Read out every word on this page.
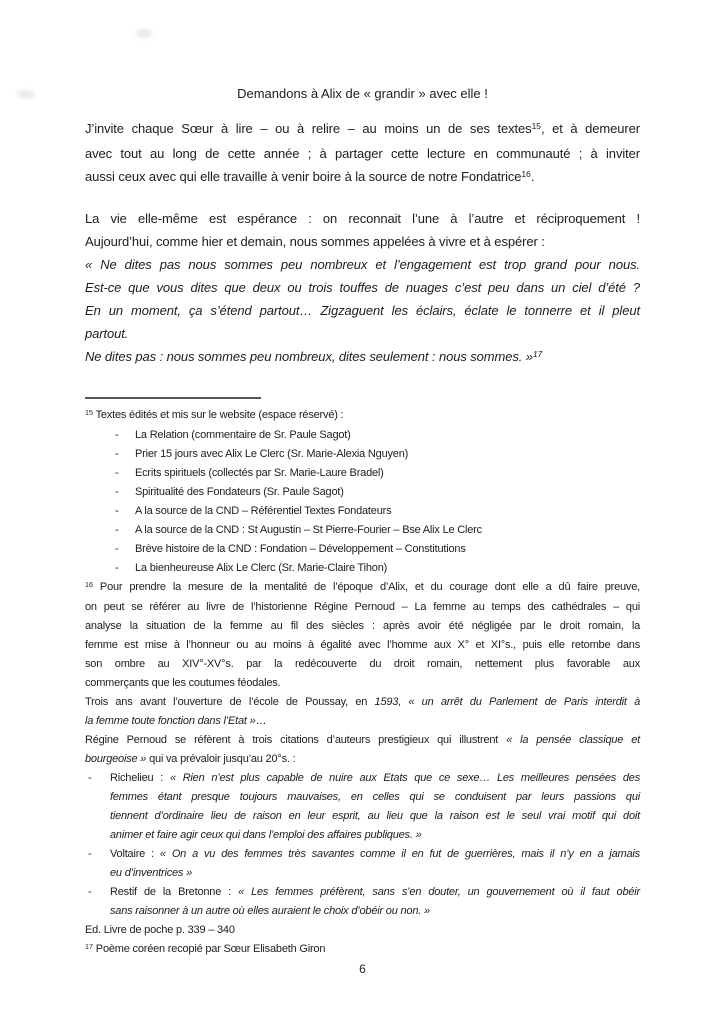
Demandons à Alix de « grandir » avec elle !
J’invite chaque Sœur à lire – ou à relire – au moins un de ses textes$^{15}$, et à demeurer
avec tout au long de cette année ; à partager cette lecture en communauté ; à inviter
aussi ceux avec qui elle travaille à venir boire à la source de notre Fondatrice$^{16}$.
La vie elle-même est espérance : on reconnait l’une à l’autre et réciproquement !
Aujourd’hui, comme hier et demain, nous sommes appelées à vivre et à espérer :
« Ne dites pas nous sommes peu nombreux et l’engagement est trop grand pour nous.
Est-ce que vous dites que deux ou trois touffes de nuages c’est peu dans un ciel d’été ?
En un moment, ça s’étend partout… Zigzaguent les éclairs, éclate le tonnerre et il pleut
partout.
Ne dites pas : nous sommes peu nombreux, dites seulement : nous sommes. »$^{17}$
$^{15}$ Textes édités et mis sur le website (espace réservé) :
- La Relation (commentaire de Sr. Paule Sagot)
- Prier 15 jours avec Alix Le Clerc (Sr. Marie-Alexia Nguyen)
- Ecrits spirituels (collectés par Sr. Marie-Laure Bradel)
- Spiritualité des Fondateurs (Sr. Paule Sagot)
- A la source de la CND – Référentiel Textes Fondateurs
- A la source de la CND : St Augustin – St Pierre-Fourier – Bse Alix Le Clerc
- Brève histoire de la CND : Fondation – Développement – Constitutions
- La bienheureuse Alix Le Clerc (Sr. Marie-Claire Tihon)
$^{16}$ Pour prendre la mesure de la mentalité de l’époque d’Alix, et du courage dont elle a dû faire preuve,
on peut se référer au livre de l’historienne Régine Pernoud – La femme au temps des cathédrales – qui
analyse la situation de la femme au fil des siècles : après avoir été négligée par le droit romain, la
femme est mise à l’honneur ou au moins à égalité avec l’homme aux X° et XI°s., puis elle retombe dans
son ombre au XIV°-XV°s. par la redécouverte du droit romain, nettement plus favorable aux
commerçants que les coutumes féodales.
Trois ans avant l’ouverture de l’école de Poussay, en 1593, « un arrêt du Parlement de Paris interdit à
la femme toute fonction dans l’Etat »…
Régine Pernoud se réfèrent à trois citations d’auteurs prestigieux qui illustrent « la pensée classique et
bourgeoise » qui va prévaloir jusqu’au 20°s. :
- Richelieu : « Rien n’est plus capable de nuire aux Etats que ce sexe… Les meilleures pensées des
femmes étant presque toujours mauvaises, en celles qui se conduisent par leurs passions qui
tiennent d’ordinaire lieu de raison en leur esprit, au lieu que la raison est le seul vrai motif qui doit
animer et faire agir ceux qui dans l’emploi des affaires publiques. »
- Voltaire : « On a vu des femmes très savantes comme il en fut de guerrières, mais il n’y en a jamais
eu d’inventrices »
- Restif de la Bretonne : « Les femmes préfèrent, sans s’en douter, un gouvernement où il faut obéir
sans raisonner à un autre où elles auraient le choix d’obéir ou non. »
Ed. Livre de poche p. 339 – 340
$^{17}$ Poème coréen recopié par Sœur Elisabeth Giron
6
